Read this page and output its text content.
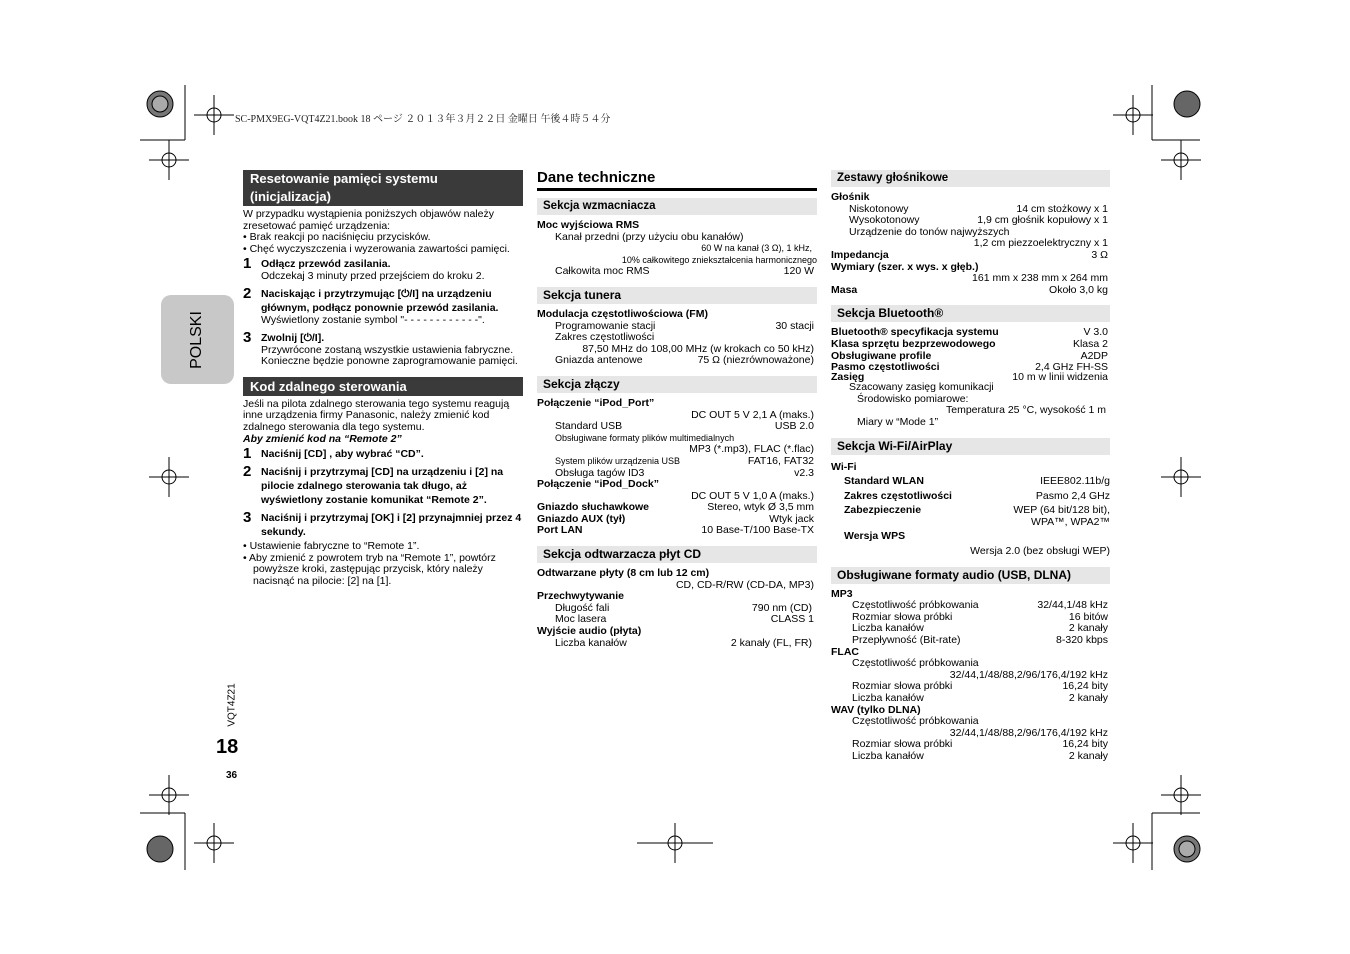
SC-PMX9EG-VQT4Z21.book 18 ページ ２０１３年３月２２日 金曜日 午後４時５４分
POLSKI
VQT4Z21
18
36
Resetowanie pamięci systemu (inicjalizacja)
W przypadku wystąpienia poniższych objawów należy zresetować pamięć urządzenia:
• Brak reakcji po naciśnięciu przycisków.
• Chęć wyczyszczenia i wyzerowania zawartości pamięci.
1 Odłącz przewód zasilania.
Odczekaj 3 minuty przed przejściem do kroku 2.
2 Naciskając i przytrzymując [⏻/I] na urządzeniu głównym, podłącz ponownie przewód zasilania.
Wyświetlony zostanie symbol "- - - - - - - - - - - -".
3 Zwolnij [⏻/I].
Przywrócone zostaną wszystkie ustawienia fabryczne.
Konieczne będzie ponowne zaprogramowanie pamięci.
Kod zdalnego sterowania
Jeśli na pilota zdalnego sterowania tego systemu reagują inne urządzenia firmy Panasonic, należy zmienić kod zdalnego sterowania dla tego systemu.
Aby zmienić kod na “Remote 2”
1 Naciśnij [CD] , aby wybrać “CD”.
2 Naciśnij i przytrzymaj [CD] na urządzeniu i [2] na pilocie zdalnego sterowania tak długo, aż wyświetlony zostanie komunikat “Remote 2”.
3 Naciśnij i przytrzymaj [OK] i [2] przynajmniej przez 4 sekundy.
• Ustawienie fabryczne to “Remote 1”.
• Aby zmienić z powrotem tryb na “Remote 1”, powtórz powyższe kroki, zastępując przycisk, który należy nacisnąć na pilocie: [2] na [1].
Dane techniczne
Sekcja wzmacniacza
Moc wyjściowa RMS
Kanał przedni (przy użyciu obu kanałów)
60 W na kanał (3 Ω), 1 kHz,
10% całkowitego zniekształcenia harmonicznego
Całkowita moc RMS	120 W
Sekcja tunera
Modulacja częstotliwościowa (FM)
Programowanie stacji	30 stacji
Zakres częstotliwości
87,50 MHz do 108,00 MHz (w krokach co 50 kHz)
Gniazda antenowe	75 Ω (niezrównoważone)
Sekcja złączy
Połączenie “iPod_Port”
DC OUT 5 V 2,1 A (maks.)
Standard USB	USB 2.0
Obsługiwane formaty plików multimedialnych
MP3 (*.mp3), FLAC (*.flac)
System plików urządzenia USB	FAT16, FAT32
Obsługa tagów ID3	v2.3
Połączenie “iPod_Dock”
DC OUT 5 V 1,0 A (maks.)
Gniazdo słuchawkowe	Stereo, wtyk Ø 3,5 mm
Gniazdo AUX (tył)	Wtyk jack
Port LAN	10 Base-T/100 Base-TX
Sekcja odtwarzacza płyt CD
Odtwarzane płyty (8 cm lub 12 cm)
CD, CD-R/RW (CD-DA, MP3)
Przechwytywanie
Długość fali	790 nm (CD)
Moc lasera	CLASS 1
Wyjście audio (płyta)
Liczba kanałów	2 kanały (FL, FR)
Zestawy głośnikowe
Głośnik
Niskotonowy	14 cm stożkowy x 1
Wysokotonowy	1,9 cm głośnik kopułowy x 1
Urządzenie do tonów najwyższych
1,2 cm piezzoelektryczny x 1
Impedancja	3 Ω
Wymiary (szer. x wys. x głęb.)
161 mm x 238 mm x 264 mm
Masa	Około 3,0 kg
Sekcja Bluetooth®
Bluetooth® specyfikacja systemu	V 3.0
Klasa sprzętu bezprzewodowego	Klasa 2
Obsługiwane profile	A2DP
Pasmo częstotliwości	2,4 GHz FH-SS
Zasięg	10 m w linii widzenia
Szacowany zasięg komunikacji
Środowisko pomiarowe:
Temperatura 25 °C, wysokość 1 m
Miary w “Mode 1”
Sekcja Wi-Fi/AirPlay
Wi-Fi
Standard WLAN	IEEE802.11b/g
Zakres częstotliwości	Pasmo 2,4 GHz
Zabezpieczenie	WEP (64 bit/128 bit),
WPA™, WPA2™
Wersja WPS
Wersja 2.0 (bez obsługi WEP)
Obsługiwane formaty audio (USB, DLNA)
MP3
Częstotliwość próbkowania	32/44,1/48 kHz
Rozmiar słowa próbki	16 bitów
Liczba kanałów	2 kanały
Przepływność (Bit-rate)	8-320 kbps
FLAC
Częstotliwość próbkowania
32/44,1/48/88,2/96/176,4/192 kHz
Rozmiar słowa próbki	16,24 bity
Liczba kanałów	2 kanały
WAV (tylko DLNA)
Częstotliwość próbkowania
32/44,1/48/88,2/96/176,4/192 kHz
Rozmiar słowa próbki	16,24 bity
Liczba kanałów	2 kanały
